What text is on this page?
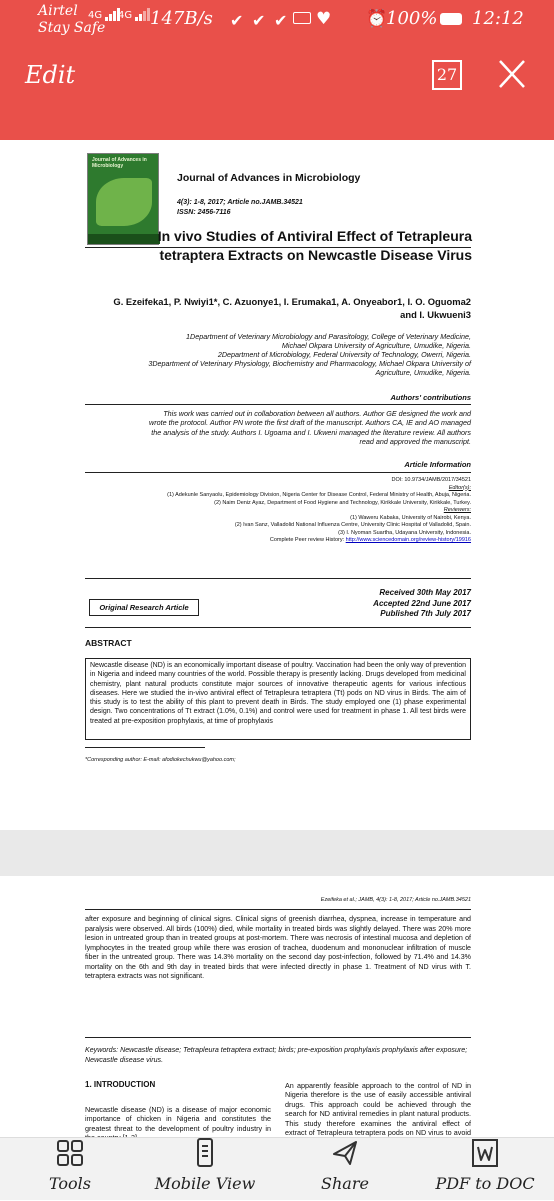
Airtel
Stay Safe
4G	4G 147B/s ✔ ✔ ✔ ♥ ⏰
100% 12:12
Edit	27
Journal of Advances in Microbiology
Journal of Advances in Microbiology
4(3): 1-8, 2017; Article no.JAMB.34521
ISSN: 2456-7116
In vivo Studies of Antiviral Effect of Tetrapleura
tetraptera Extracts on Newcastle Disease Virus
G. Ezeifeka1, P. Nwiyi1*, C. Azuonye1, I. Erumaka1, A. Onyeabor1, I. O. Oguoma2
and I. Ukwueni3
1Department of Veterinary Microbiology and Parasitology, College of Veterinary Medicine,
Michael Okpara University of Agriculture, Umudike, Nigeria.
2Department of Microbiology, Federal University of Technology, Owerri, Nigeria.
3Department of Veterinary Physiology, Biochemistry and Pharmacology, Michael Okpara University of
Agriculture, Umudike, Nigeria.
Authors' contributions
This work was carried out in collaboration between all authors. Author GE designed the work and
wrote the protocol. Author PN wrote the first draft of the manuscript. Authors CA, IE and AO managed
the analysis of the study. Authors I. Ugoama and I. Ukweni managed the literature review. All authors
read and approved the manuscript.
Article Information
DOI: 10.9734/JAMB/2017/34521
Editor(s):
(1) Adekunle Sanyaolu, Epidemiology Division, Nigeria Center for Disease Control, Federal Ministry of Health, Abuja, Nigeria.
(2) Naim Deniz Ayaz, Department of Food Hygiene and Technology, Kirikkale University, Kirikkale, Turkey.
Reviewers:
(1) Waweru Kabaka, University of Nairobi, Kenya.
(2) Ivan Sanz, Valladolid National Influenza Centre, University Clinic Hospital of Valladolid, Spain.
(3) I. Nyoman Suartha, Udayana University, Indonesia.
Complete Peer review History: http://www.sciencedomain.org/review-history/19916
Original Research Article
Received 30th May 2017
Accepted 22nd June 2017
Published 7th July 2017
ABSTRACT
Newcastle disease (ND) is an economically important disease of poultry. Vaccination had been the only way of prevention in Nigeria and indeed many countries of the world. Possible therapy is presently lacking. Drugs developed from medicinal chemistry, plant natural products constitute major sources of innovative therapeutic agents for various infectious diseases. Here we studied the in-vivo antiviral effect of Tetrapleura tetraptera (Tt) pods on ND virus in Birds. The aim of this study is to test the ability of this plant to prevent death in Birds. The study employed one (1) phase experimental design. Two concentrations of Tt extract (1.0%, 0.1%) and control were used for treatment in phase 1. All test birds were treated at pre-exposition prophylaxis, at time of prophylaxis
*Corresponding author: E-mail: afodiokechukwu@yahoo.com;
Ezeifeka et al.; JAMB, 4(3): 1-8, 2017; Article no.JAMB.34521
after exposure and beginning of clinical signs. Clinical signs of greenish diarrhea, dyspnea, increase in temperature and paralysis were observed. All birds (100%) died, while mortality in treated birds was slightly delayed. There was 20% more lesion in untreated group than in treated groups at post-mortem. There was necrosis of intestinal mucosa and depletion of lymphocytes in the treated group while there was erosion of trachea, duodenum and mononuclear infiltration of muscle fiber in the untreated group. There was 14.3% mortality on the second day post-infection, followed by 71.4% and 14.3% mortality on the 6th and 9th day in treated birds that were infected directly in phase 1. Treatment of ND virus with T. tetraptera extracts was not significant.
Keywords: Newcastle disease; Tetrapleura tetraptera extract; birds; pre-exposition prophylaxis prophylaxis after exposure; Newcastle disease virus.
1. INTRODUCTION
Newcastle disease (ND) is a disease of major economic importance of chicken in Nigeria and constitutes the greatest threat to the development of poultry industry in
An apparently feasible approach to the control of ND in Nigeria therefore is the use of easily accessible antiviral drugs. This approach could be achieved through the search for ND antiviral remedies in plant natural products. This study therefore examines the antiviral effect of extract of Tetrapleura tetraptera pods on ND virus to avoid
Tools	Mobile View	Share	PDF to DOC
